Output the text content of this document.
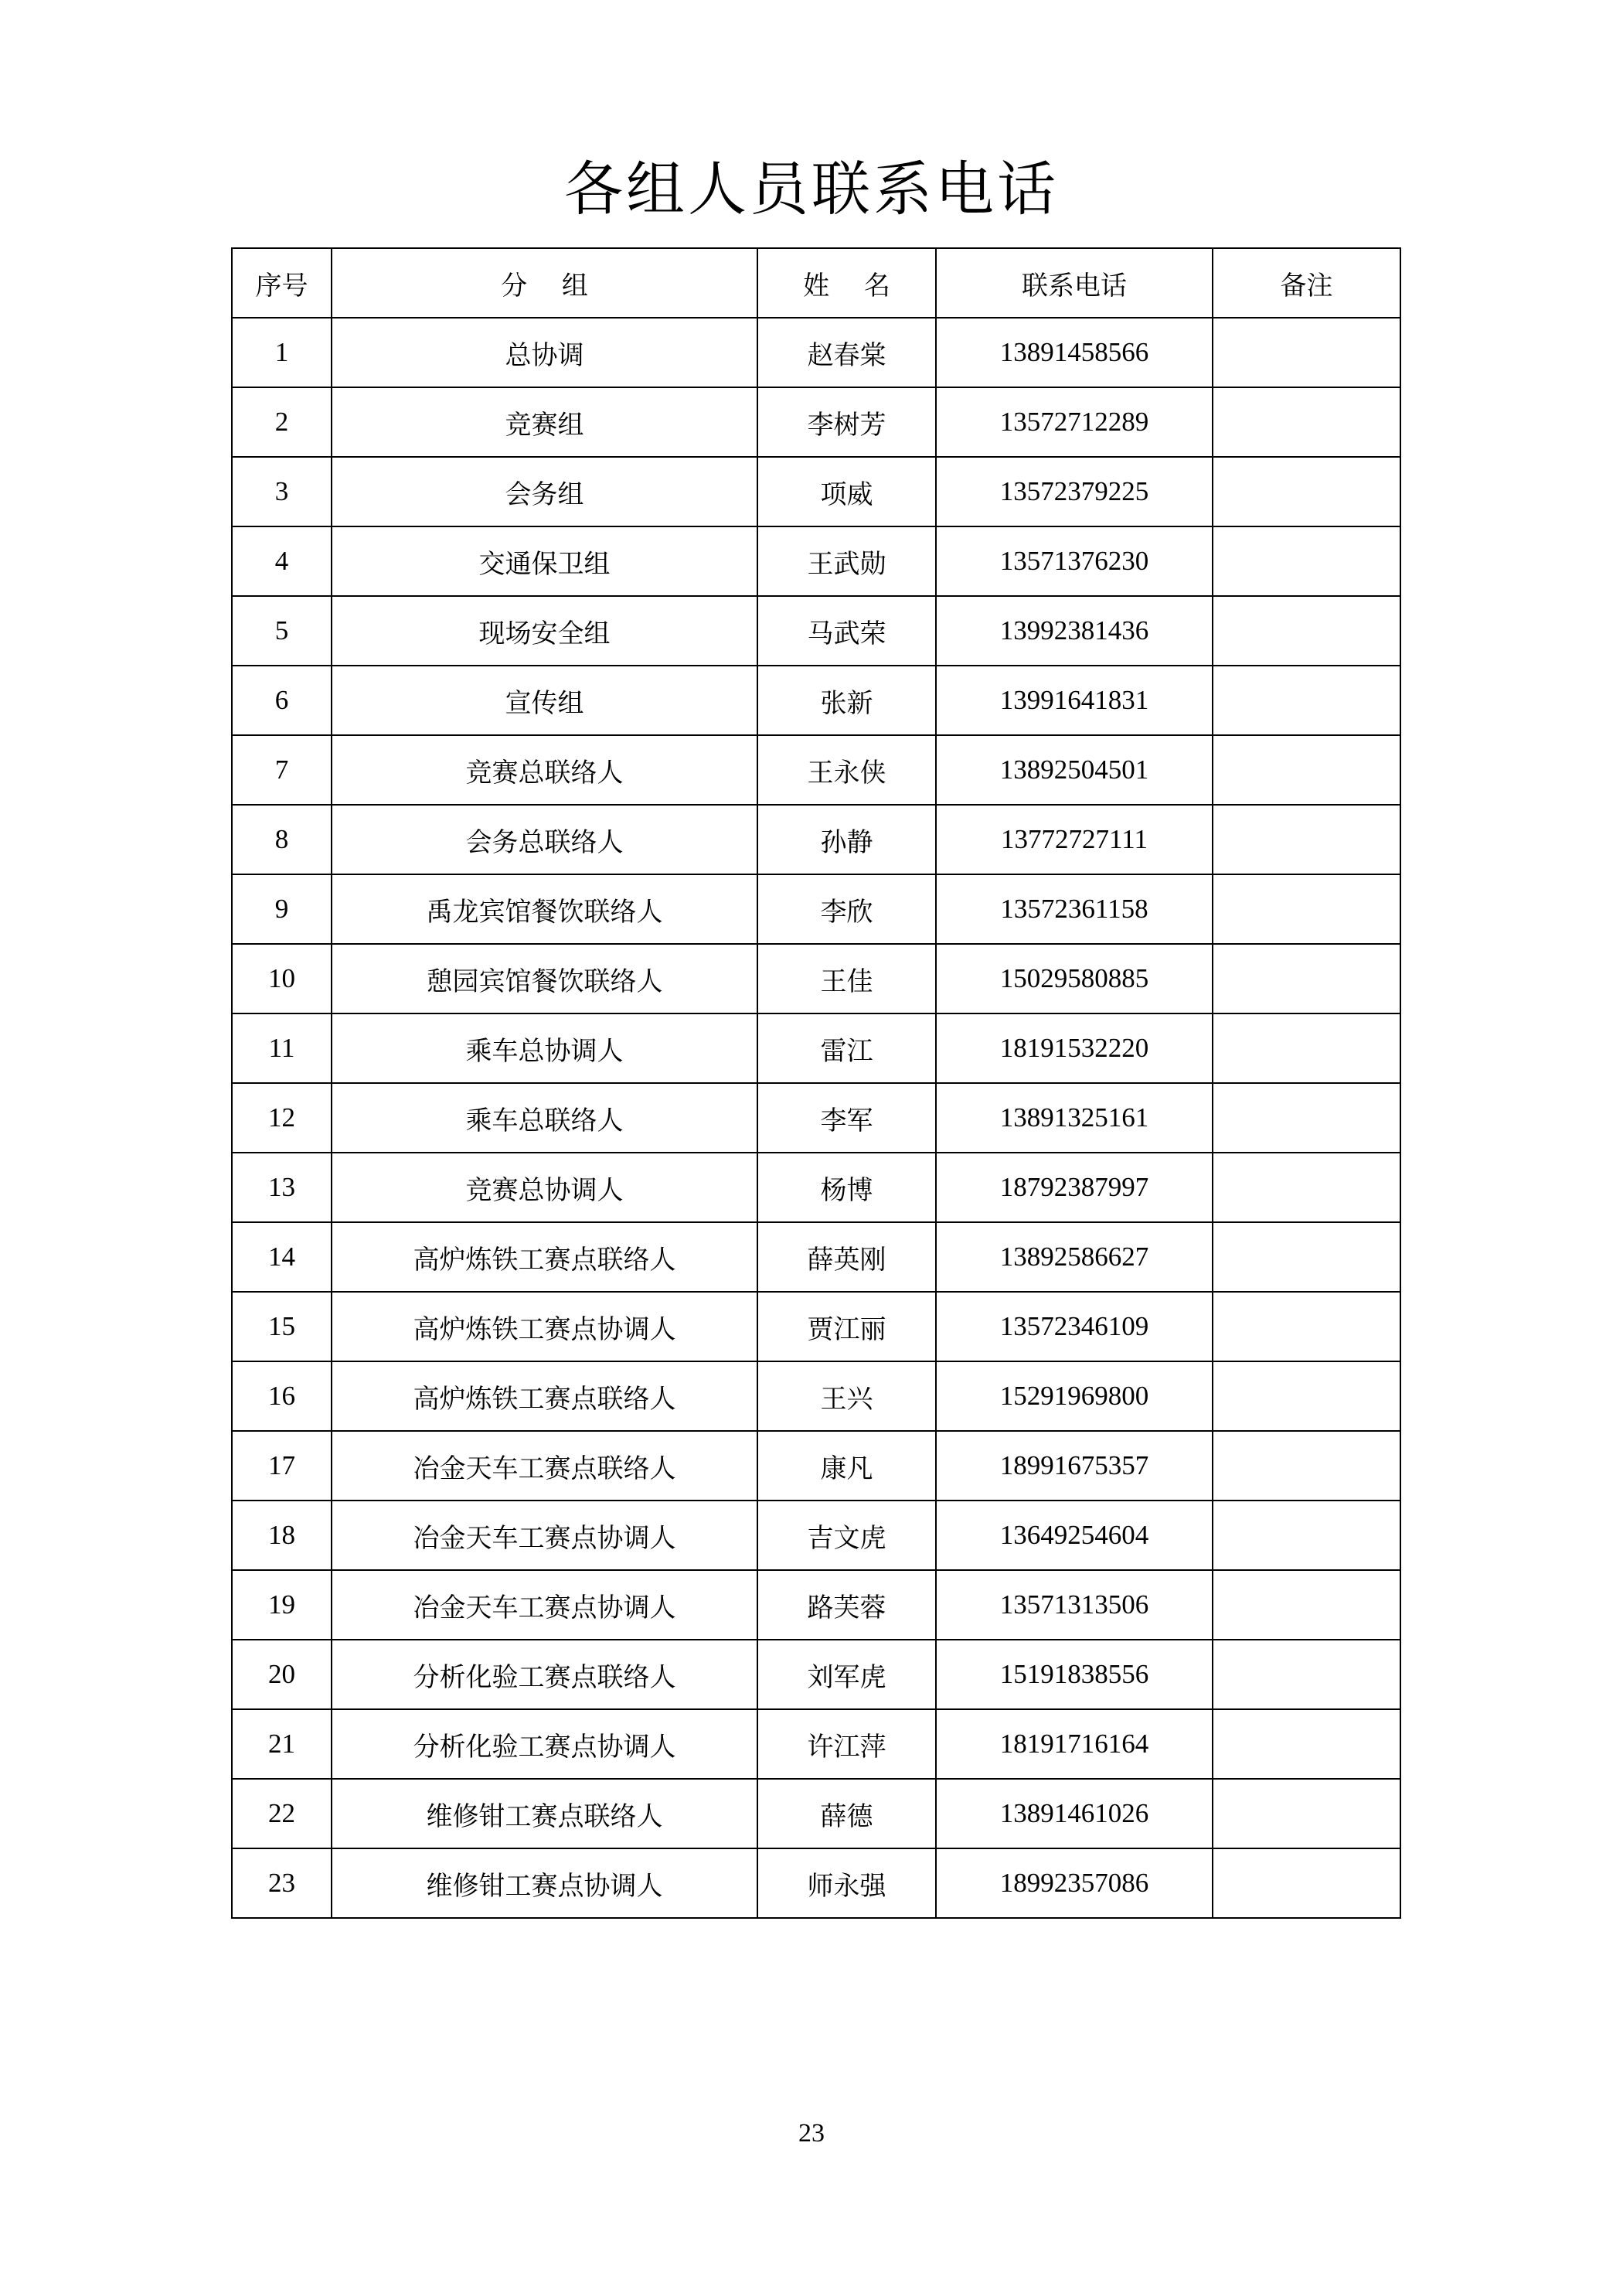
各组人员联系电话
序号	分　 组	姓　 名	联系电话	备注
1	总协调	赵春棠	13891458566	
2	竞赛组	李树芳	13572712289	
3	会务组	项威	13572379225	
4	交通保卫组	王武勋	13571376230	
5	现场安全组	马武荣	13992381436	
6	宣传组	张新	13991641831	
7	竞赛总联络人	王永侠	13892504501	
8	会务总联络人	孙静	13772727111	
9	禹龙宾馆餐饮联络人	李欣	13572361158	
10	憩园宾馆餐饮联络人	王佳	15029580885	
11	乘车总协调人	雷江	18191532220	
12	乘车总联络人	李军	13891325161	
13	竞赛总协调人	杨博	18792387997	
14	高炉炼铁工赛点联络人	薛英刚	13892586627	
15	高炉炼铁工赛点协调人	贾江丽	13572346109	
16	高炉炼铁工赛点联络人	王兴	15291969800	
17	冶金天车工赛点联络人	康凡	18991675357	
18	冶金天车工赛点协调人	吉文虎	13649254604	
19	冶金天车工赛点协调人	路芙蓉	13571313506	
20	分析化验工赛点联络人	刘军虎	15191838556	
21	分析化验工赛点协调人	许江萍	18191716164	
22	维修钳工赛点联络人	薛德	13891461026	
23	维修钳工赛点协调人	师永强	18992357086	
23
